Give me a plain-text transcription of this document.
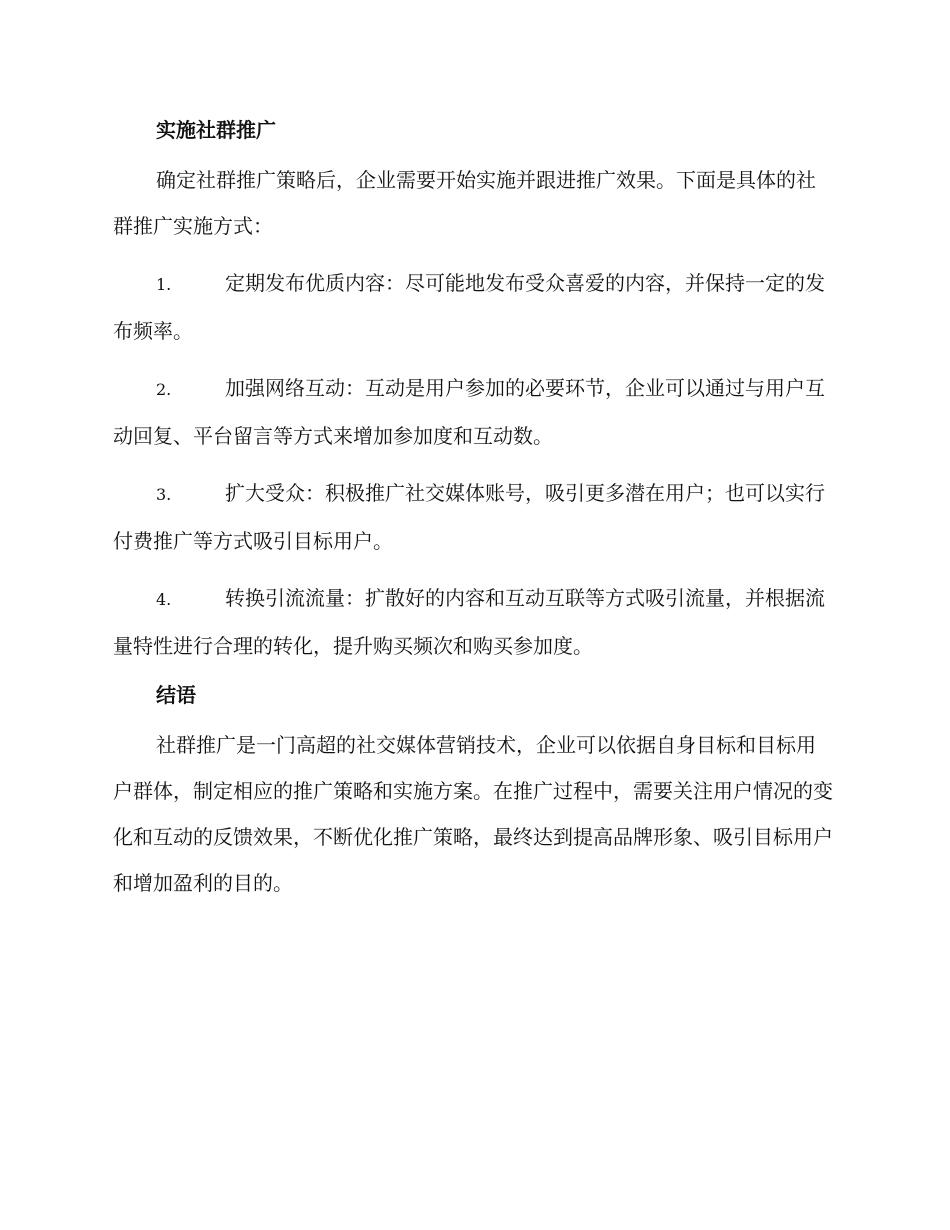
实施社群推广

确定社群推广策略后，企业需要开始实施并跟进推广效果。下面是具体的社群推广实施方式：

1.	定期发布优质内容：尽可能地发布受众喜爱的内容，并保持一定的发布频率。

2.	加强网络互动：互动是用户参加的必要环节，企业可以通过与用户互动回复、平台留言等方式来增加参加度和互动数。

3.	扩大受众：积极推广社交媒体账号，吸引更多潜在用户；也可以实行付费推广等方式吸引目标用户。

4.	转换引流流量：扩散好的内容和互动互联等方式吸引流量，并根据流量特性进行合理的转化，提升购买频次和购买参加度。

结语

社群推广是一门高超的社交媒体营销技术，企业可以依据自身目标和目标用户群体，制定相应的推广策略和实施方案。在推广过程中，需要关注用户情况的变化和互动的反馈效果，不断优化推广策略，最终达到提高品牌形象、吸引目标用户和增加盈利的目的。
